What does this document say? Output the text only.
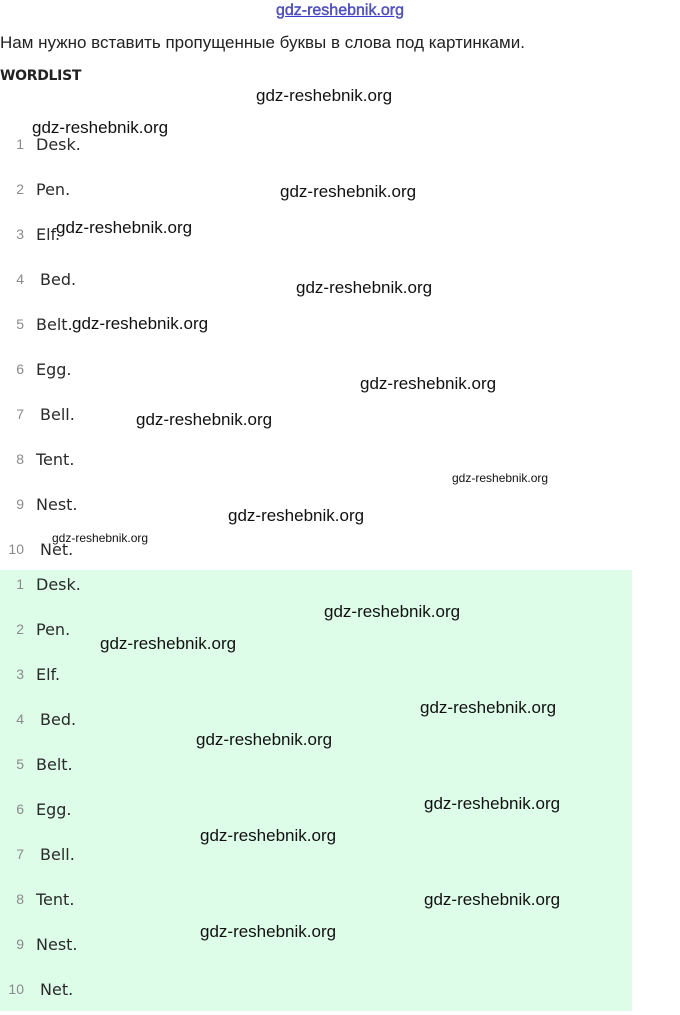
gdz-reshebnik.org
Нам нужно вставить пропущенные буквы в слова под картинками.
WORDLIST
1 Desk.
2 Pen.
3 Elf.
4 Bed.
5 Belt.
6 Egg.
7 Bell.
8 Tent.
9 Nest.
10 Net.
1 Desk.
2 Pen.
3 Elf.
4 Bed.
5 Belt.
6 Egg.
7 Bell.
8 Tent.
9 Nest.
10 Net.
gdz-reshebnik.org
gdz-reshebnik.org
gdz-reshebnik.org
gdz-reshebnik.org
gdz-reshebnik.org
gdz-reshebnik.org
gdz-reshebnik.org
gdz-reshebnik.org
gdz-reshebnik.org
gdz-reshebnik.org
gdz-reshebnik.org
gdz-reshebnik.org
gdz-reshebnik.org
gdz-reshebnik.org
gdz-reshebnik.org
gdz-reshebnik.org
gdz-reshebnik.org
gdz-reshebnik.org
gdz-reshebnik.org
